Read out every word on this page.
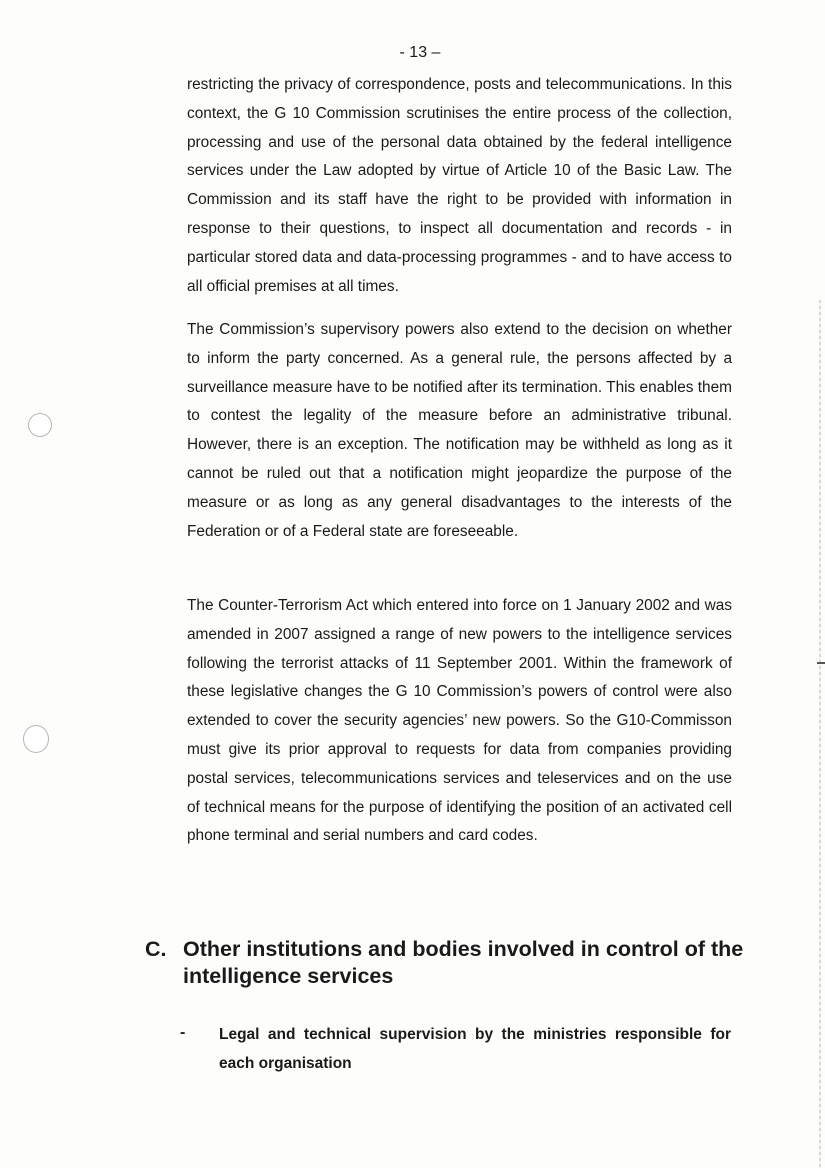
- 13 –

restricting the privacy of correspondence, posts and telecommunications. In this context, the G 10 Commission scrutinises the entire process of the collection, processing and use of the personal data obtained by the federal intelligence services under the Law adopted by virtue of Article 10 of the Basic Law. The Commission and its staff have the right to be provided with information in response to their questions, to inspect all documentation and records - in particular stored data and data-processing programmes - and to have access to all official premises at all times.

The Commission’s supervisory powers also extend to the decision on whether to inform the party concerned. As a general rule, the persons affected by a surveillance measure have to be notified after its termination. This enables them to contest the legality of the measure before an administrative tribunal. However, there is an exception. The notification may be withheld as long as it cannot be ruled out that a notification might jeopardize the purpose of the measure or as long as any general disadvantages to the interests of the Federation or of a Federal state are foreseeable.

The Counter-Terrorism Act which entered into force on 1 January 2002 and was amended in 2007 assigned a range of new powers to the intelligence services following the terrorist attacks of 11 September 2001. Within the framework of these legislative changes the G 10 Commission’s powers of control were also extended to cover the security agencies’ new powers. So the G10-Commisson must give its prior approval to requests for data from companies providing postal services, telecommunications services and teleservices and on the use of technical means for the purpose of identifying the position of an activated cell phone terminal and serial numbers and card codes.

C. Other institutions and bodies involved in control of the intelligence services
- Legal and technical supervision by the ministries responsible for each organisation
